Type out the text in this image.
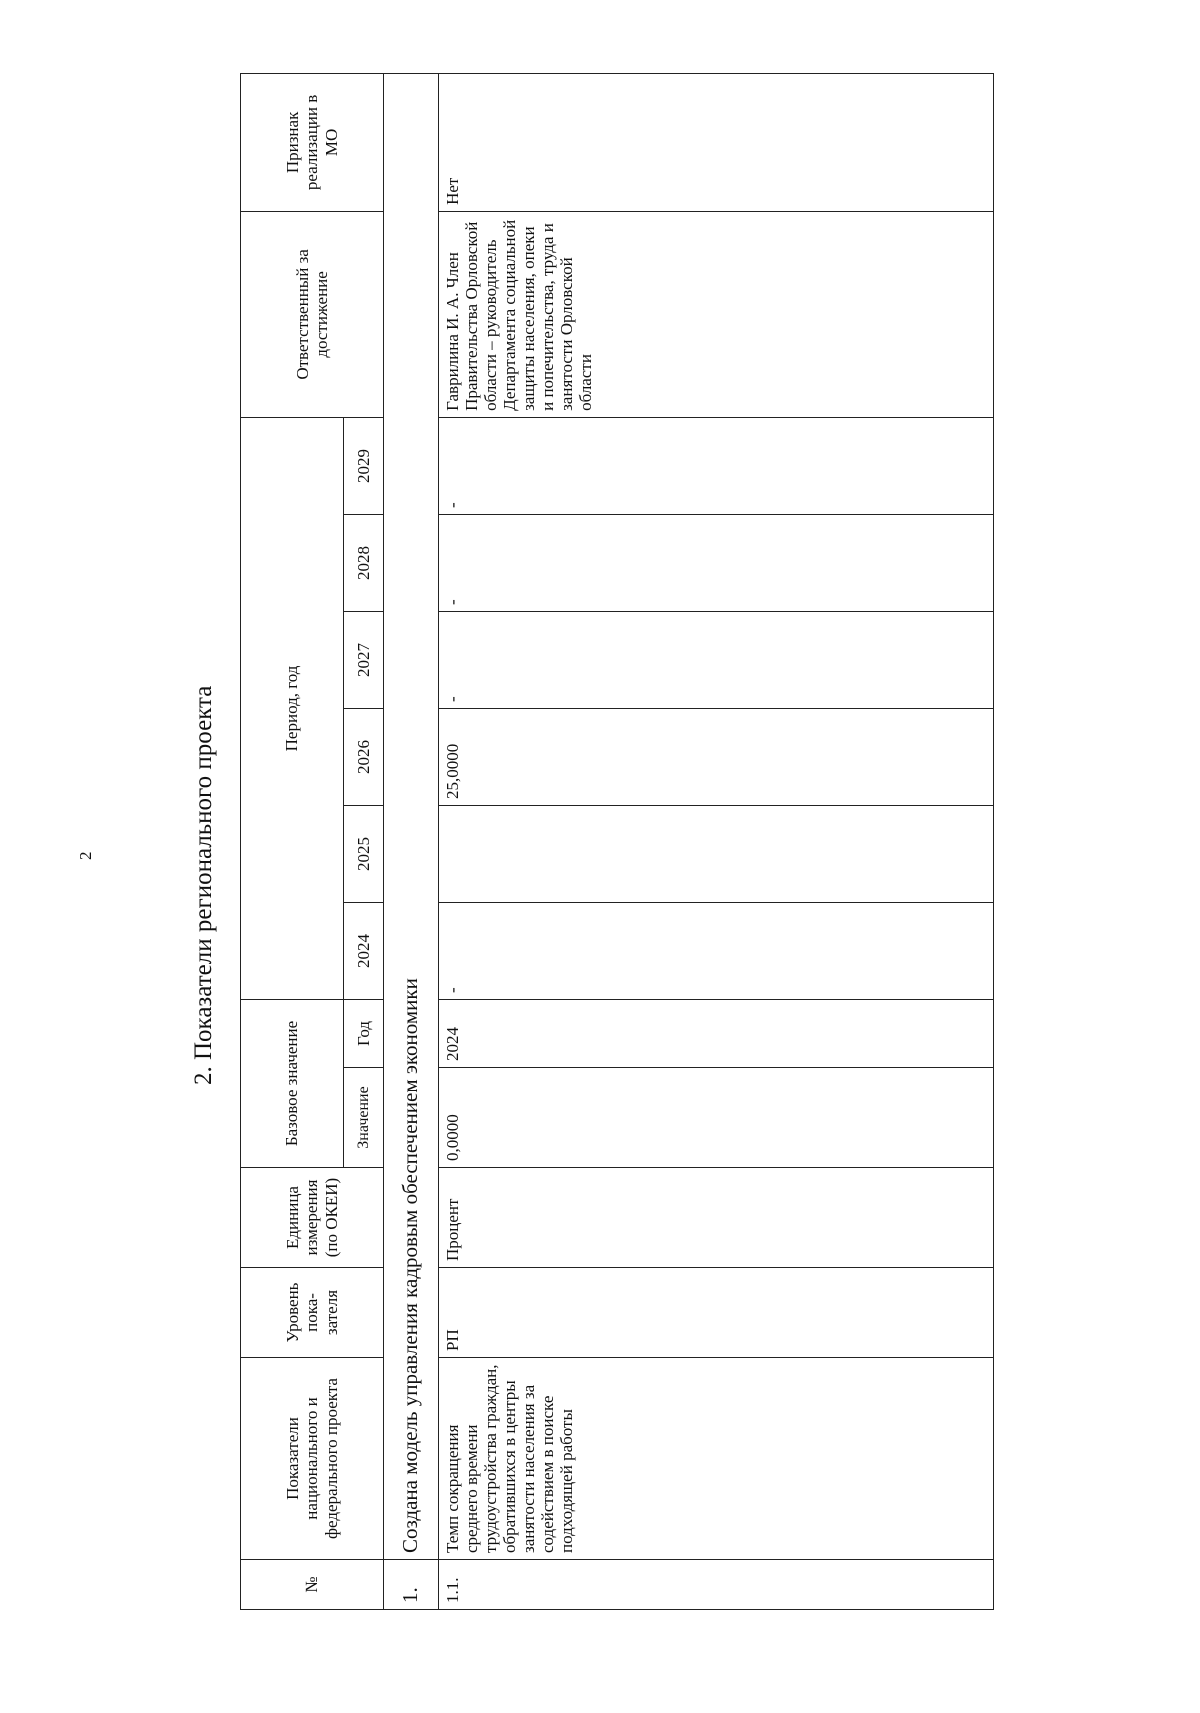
2	2. Показатели регионального проекта
№	Показатели национального и федерального проекта	Уровень пока-зателя	Единица измерения (по ОКЕИ)	Базовое значение		Период, год						Ответственный за достижение	Признак реализации в МО
				Значение	Год	2024	2025	2026	2027	2028	2029		
1.	Создана модель управления кадровым обеспечением экономики												
1.1.	Темп сокращения среднего времени трудоустройства граждан, обратившихся в центры занятости населения за содействием в поиске подходящей работы	РП	Процент	0,0000	2024	-		25,0000	-	-	-	Гаврилина И. А. Член Правительства Орловской области – руководитель Департамента социальной защиты населения, опеки и попечительства, труда и занятости Орловской области	Нет
